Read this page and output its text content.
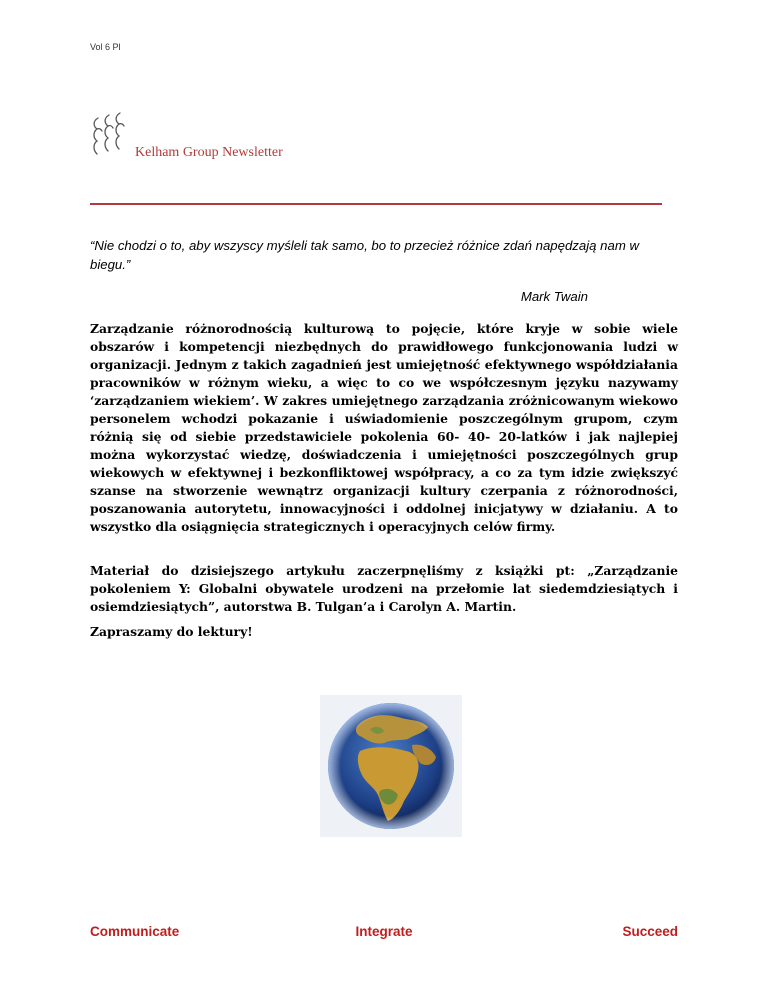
Vol 6 Pl
Kelham Group Newsletter

“Nie chodzi o to, aby wszyscy myśleli tak samo, bo to przecież różnice zdań napędzają nam w biegu.”

Mark Twain

Zarządzanie różnorodnością kulturową to pojęcie, które kryje w sobie wiele obszarów i kompetencji niezbędnych do prawidłowego funkcjonowania ludzi w organizacji. Jednym z takich zagadnień jest umiejętność efektywnego współdziałania pracowników w różnym wieku, a więc to co we współczesnym języku nazywamy ‘zarządzaniem wiekiem’. W zakres umiejętnego zarządzania zróżnicowanym wiekowo personelem wchodzi pokazanie i uświadomienie poszczególnym grupom, czym różnią się od siebie przedstawiciele pokolenia 60- 40- 20-latków i jak najlepiej można wykorzystać wiedzę, doświadczenia i umiejętności poszczególnych grup wiekowych w efektywnej i bezkonfliktowej współpracy, a co za tym idzie zwiększyć szanse na stworzenie wewnątrz organizacji kultury czerpania z różnorodności, poszanowania autorytetu, innowacyjności i oddolnej inicjatywy w działaniu. A to wszystko dla osiągnięcia strategicznych i operacyjnych celów firmy.

Materiał do dzisiejszego artykułu zaczerpnęliśmy z książki pt: „Zarządzanie pokoleniem Y: Globalni obywatele urodzeni na przełomie lat siedemdziesiątych i osiemdziesiątych”, autorstwa B. Tulgan’a i Carolyn A. Martin.

Zapraszamy do lektury!

Communicate	Integrate	Succeed
